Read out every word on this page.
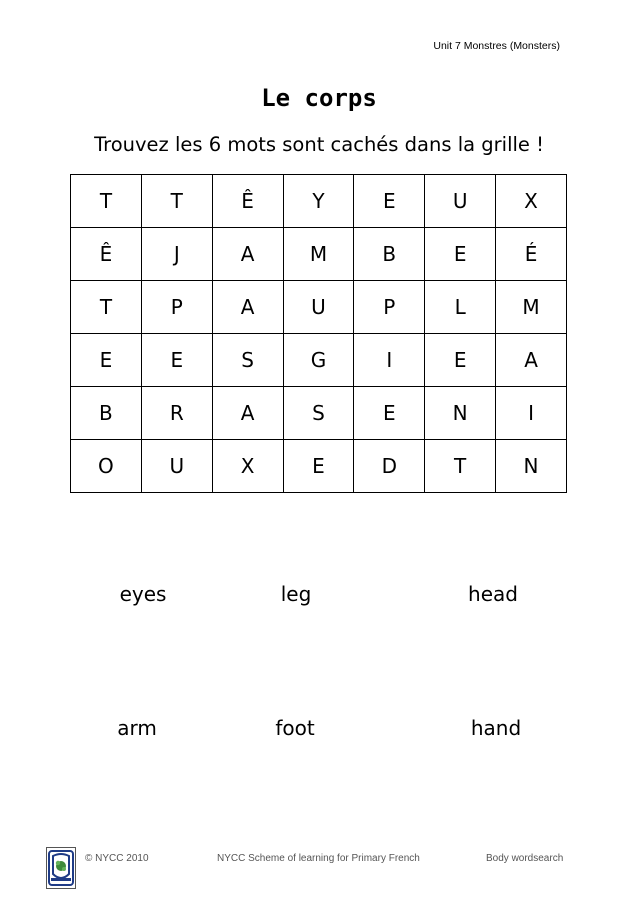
Unit 7 Monstres (Monsters)
Le corps
Trouvez les 6 mots sont cachés dans la grille !
T	T	Ê	Y	E	U	X
Ê	J	A	M	B	E	É
T	P	A	U	P	L	M
E	E	S	G	I	E	A
B	R	A	S	E	N	I
O	U	X	E	D	T	N
eyes	leg	head
arm	foot	hand
© NYCC 2010	NYCC Scheme of learning for Primary French	Body wordsearch
